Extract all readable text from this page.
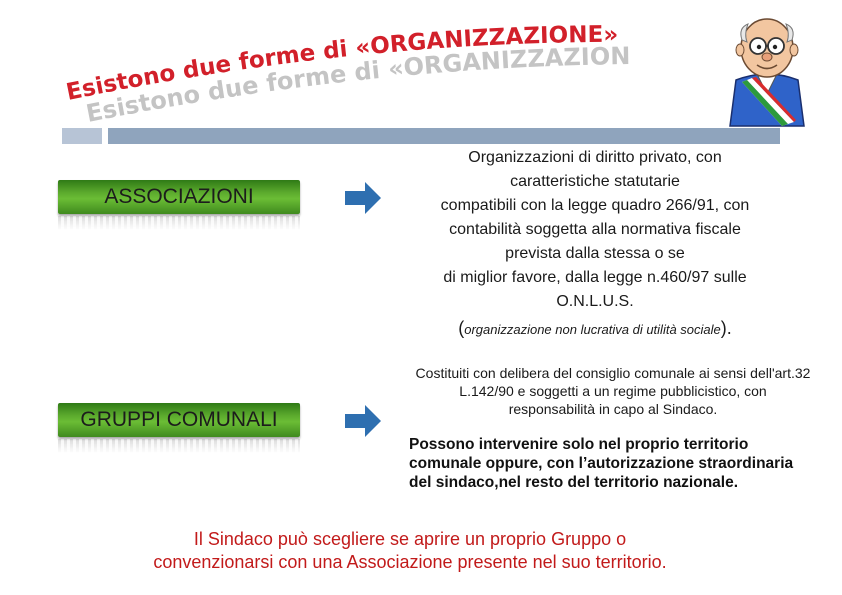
Esistono due forme di «ORGANIZZAZIONE»
Esistono due forme di «ORGANIZZAZIONE»
ASSOCIAZIONI
Organizzazioni di diritto privato, con
caratteristiche statutarie
compatibili con la legge quadro 266/91, con
contabilità soggetta alla normativa fiscale
prevista dalla stessa o se
di miglior favore, dalla legge n.460/97 sulle
O.N.L.U.S.
(organizzazione non lucrativa di utilità sociale).
GRUPPI COMUNALI
Costituiti con delibera del consiglio comunale ai sensi dell'art.32
L.142/90 e soggetti a un regime pubblicistico, con
responsabilità in capo al Sindaco.
Possono intervenire solo nel proprio territorio
comunale oppure, con l’autorizzazione straordinaria
del sindaco,nel resto del territorio nazionale.
Il Sindaco può scegliere se aprire un proprio Gruppo o
convenzionarsi con una Associazione presente nel suo territorio.
